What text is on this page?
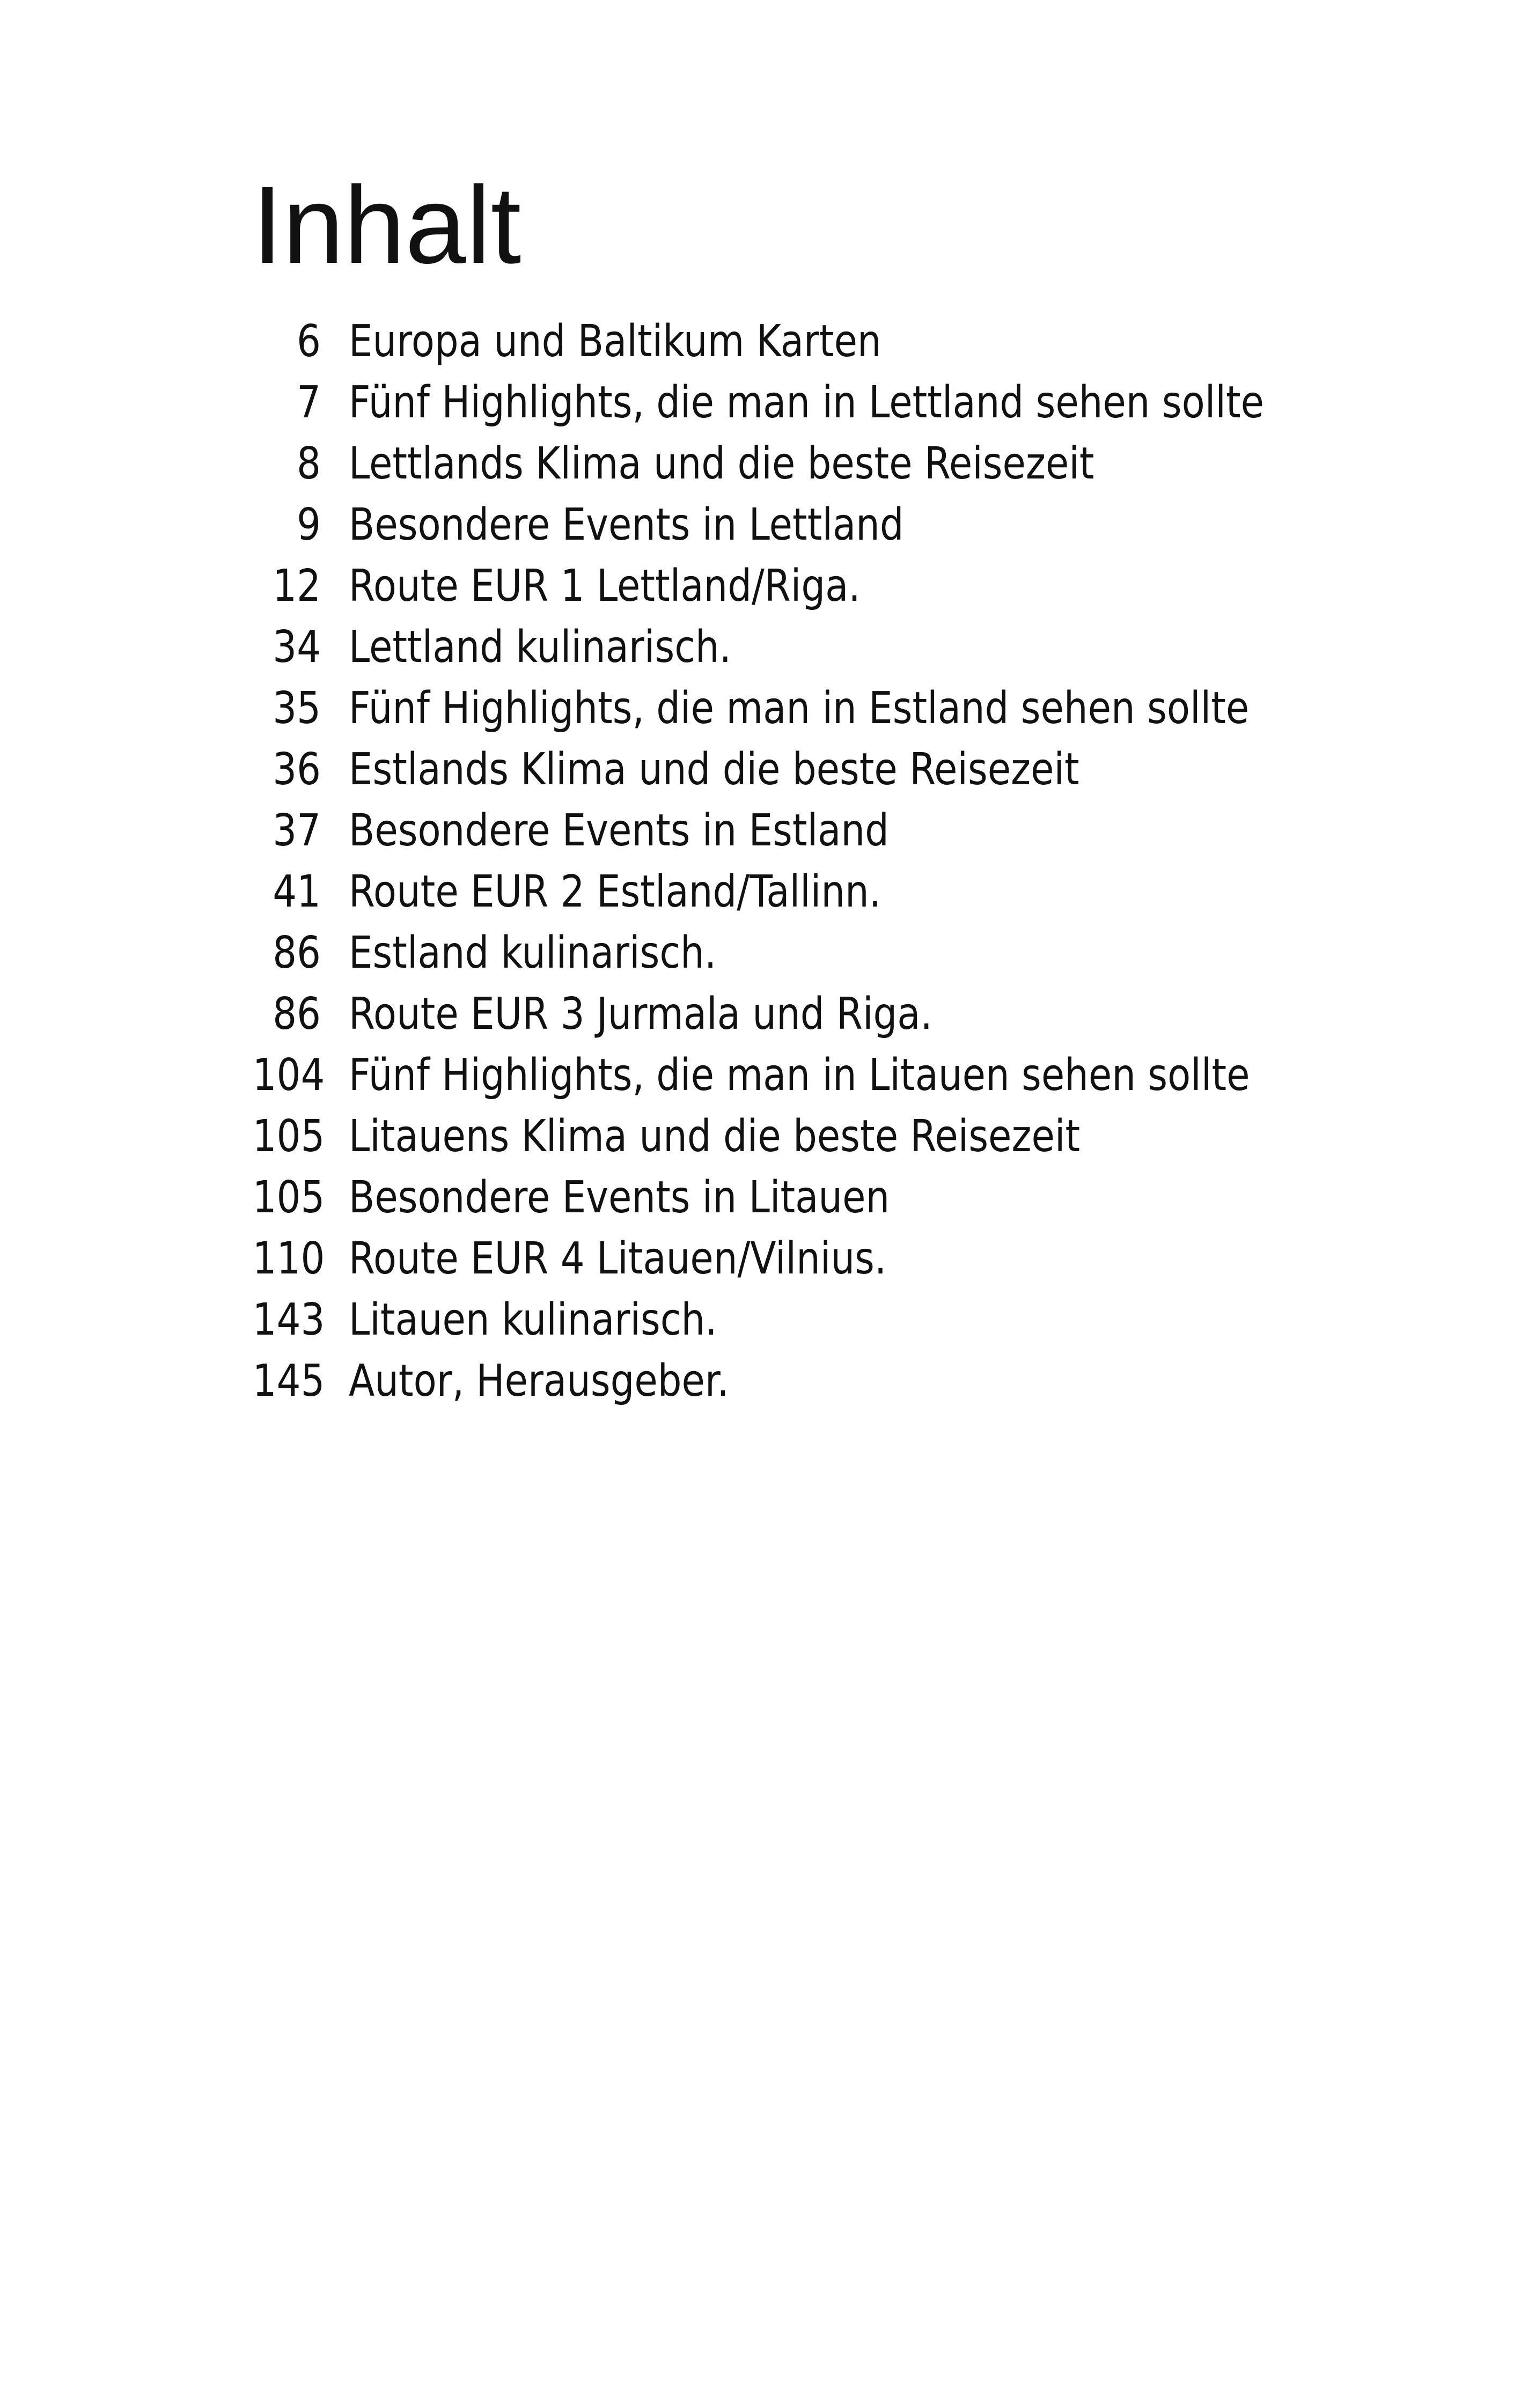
Inhalt
6 Europa und Baltikum Karten
7 Fünf Highlights, die man in Lettland sehen sollte
8 Lettlands Klima und die beste Reisezeit
9 Besondere Events in Lettland
12 Route EUR 1 Lettland/Riga.
34 Lettland kulinarisch.
35 Fünf Highlights, die man in Estland sehen sollte
36 Estlands Klima und die beste Reisezeit
37 Besondere Events in Estland
41 Route EUR 2 Estland/Tallinn.
86 Estland kulinarisch.
86 Route EUR 3 Jurmala und Riga.
104 Fünf Highlights, die man in Litauen sehen sollte
105 Litauens Klima und die beste Reisezeit
105 Besondere Events in Litauen
110 Route EUR 4 Litauen/Vilnius.
143 Litauen kulinarisch.
145 Autor, Herausgeber.
